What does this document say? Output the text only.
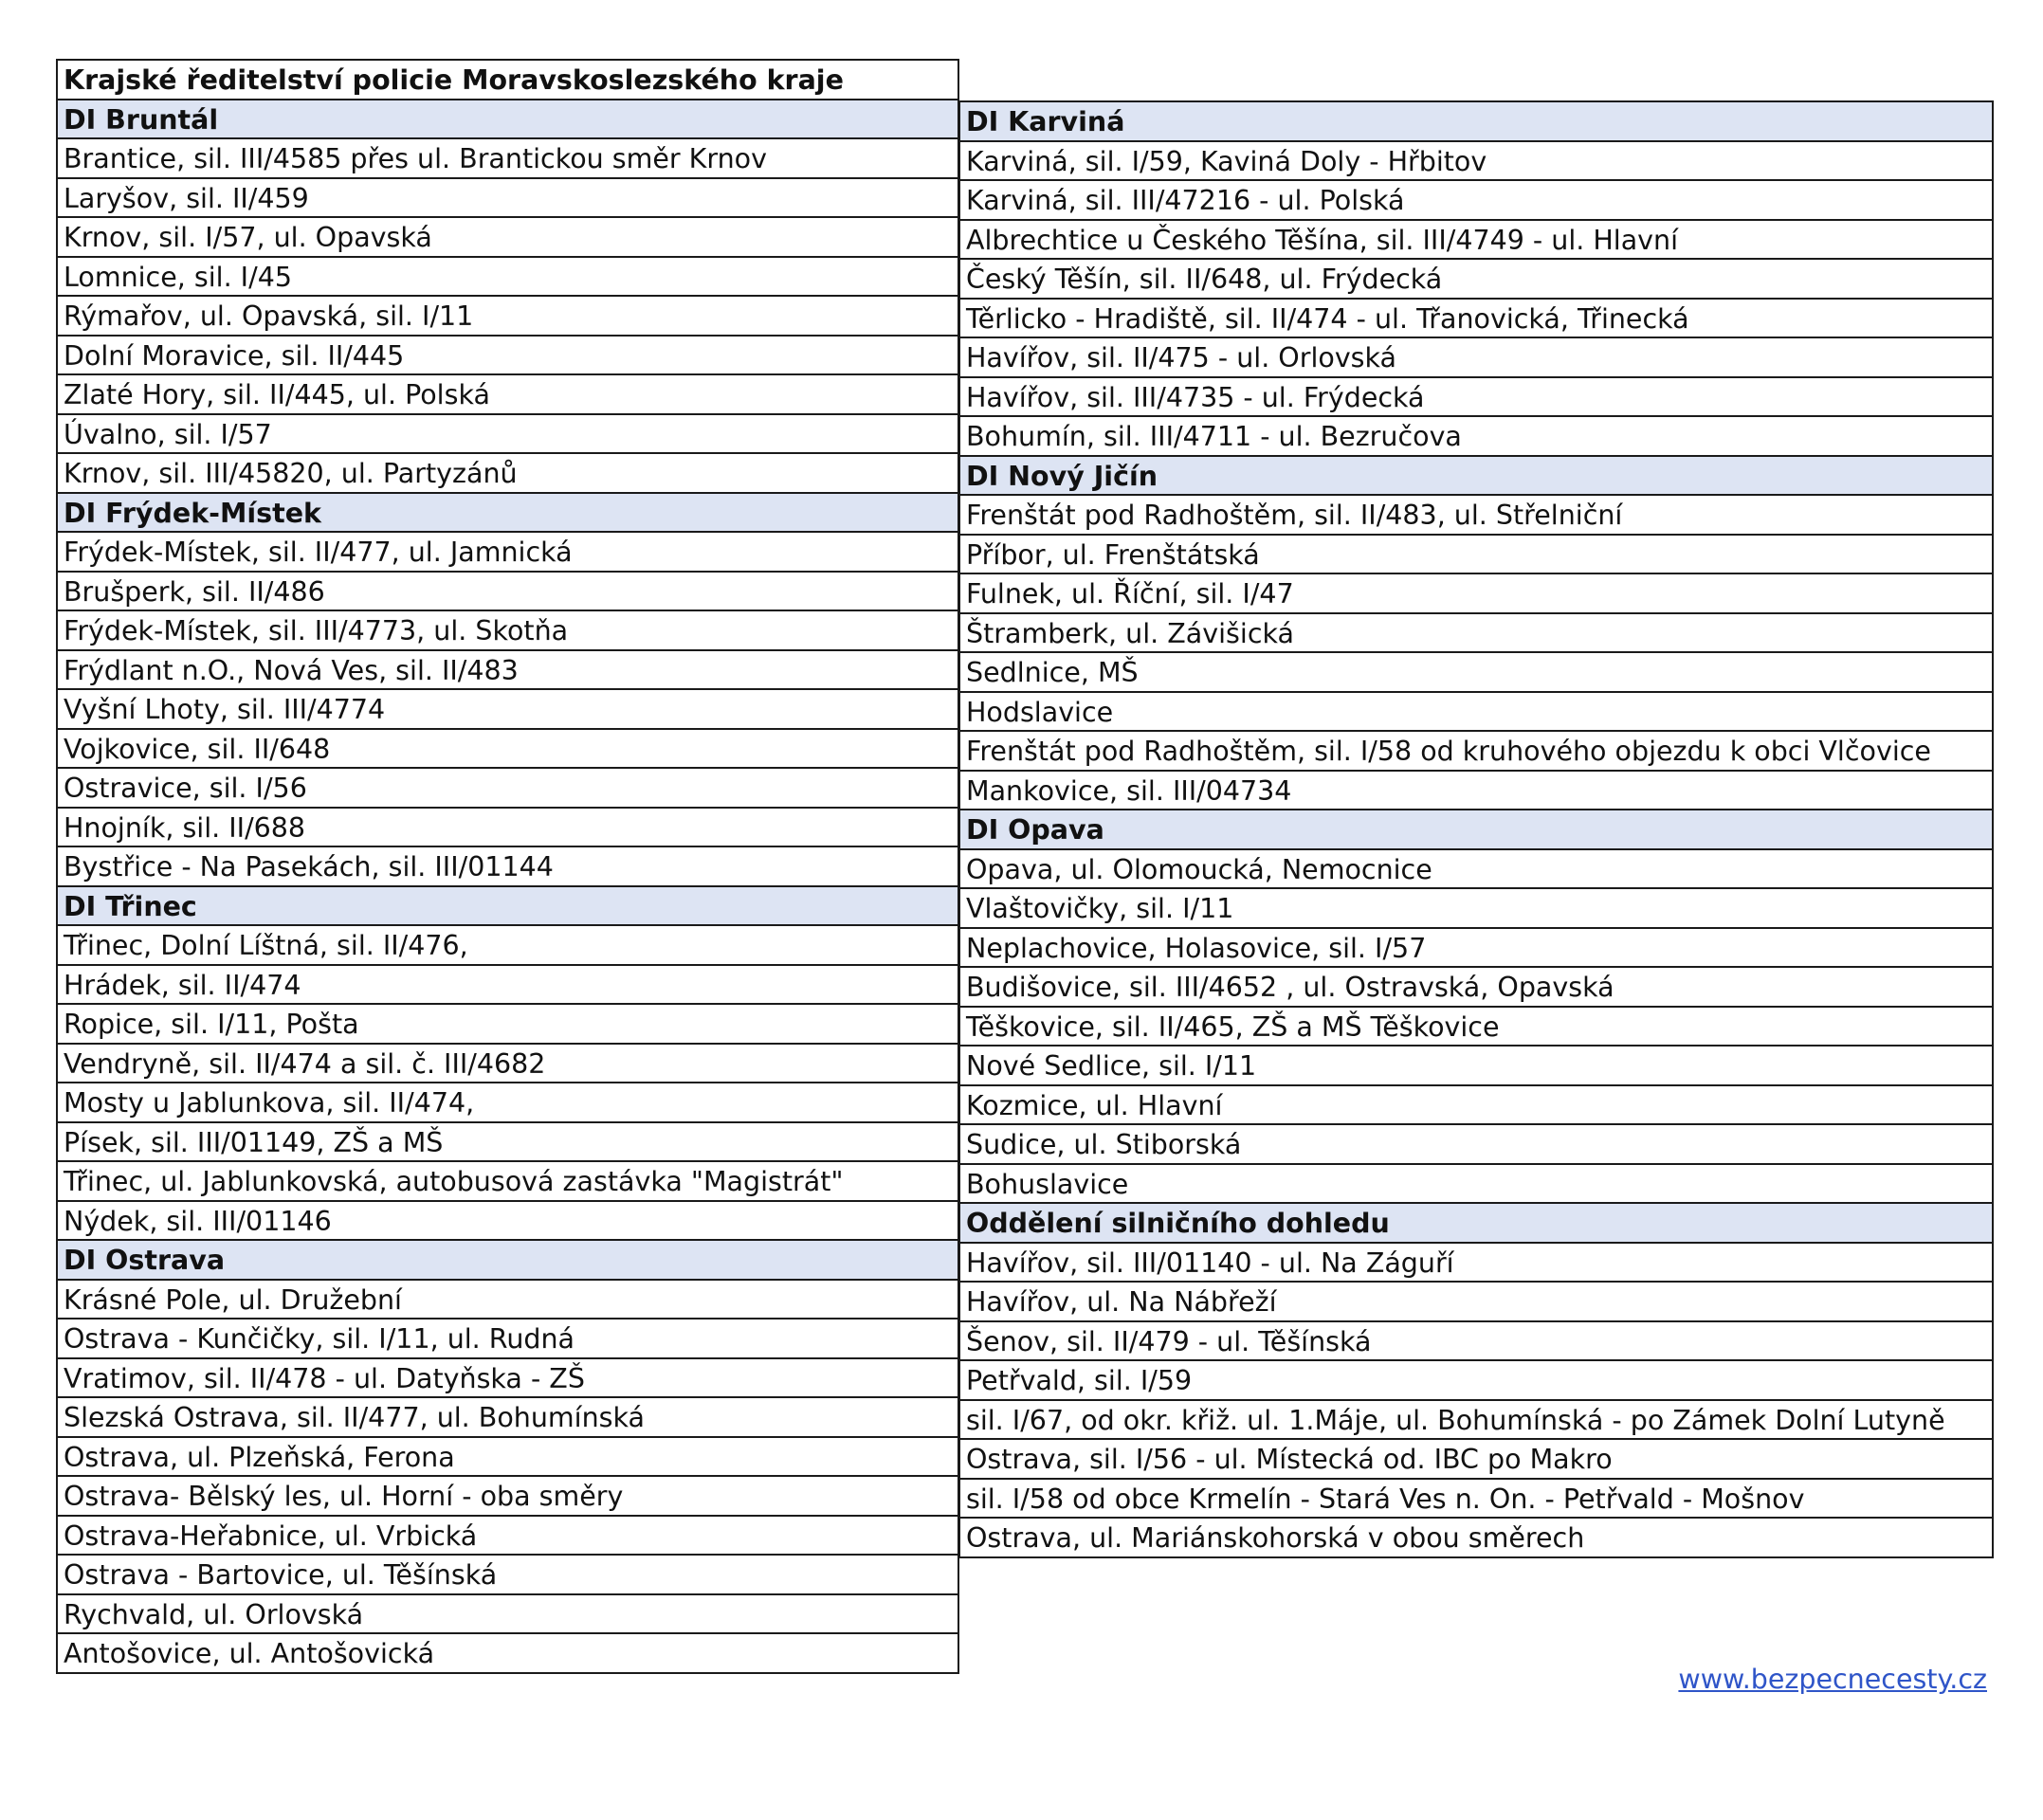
Krajské ředitelství policie Moravskoslezského kraje
DI Bruntál
Brantice, sil. III/4585 přes ul. Brantickou směr Krnov
Laryšov, sil. II/459
Krnov, sil. I/57, ul. Opavská
Lomnice, sil. I/45
Rýmařov, ul. Opavská, sil. I/11
Dolní Moravice, sil. II/445
Zlaté Hory, sil. II/445, ul. Polská
Úvalno, sil. I/57
Krnov, sil. III/45820, ul. Partyzánů
DI Frýdek-Místek
Frýdek-Místek, sil. II/477, ul. Jamnická
Brušperk, sil. II/486
Frýdek-Místek, sil. III/4773, ul. Skotňa
Frýdlant n.O., Nová Ves, sil. II/483
Vyšní Lhoty, sil. III/4774
Vojkovice, sil. II/648
Ostravice, sil. I/56
Hnojník, sil. II/688
Bystřice - Na Pasekách, sil. III/01144
DI Třinec
Třinec, Dolní Líštná, sil. II/476,
Hrádek, sil. II/474
Ropice, sil. I/11, Pošta
Vendryně, sil. II/474 a sil. č. III/4682
Mosty u Jablunkova, sil. II/474,
Písek, sil. III/01149, ZŠ a MŠ
Třinec, ul. Jablunkovská, autobusová zastávka "Magistrát"
Nýdek, sil. III/01146
DI Ostrava
Krásné Pole, ul. Družební
Ostrava - Kunčičky, sil. I/11, ul. Rudná
Vratimov, sil. II/478 - ul. Datyňska - ZŠ
Slezská Ostrava, sil. II/477, ul. Bohumínská
Ostrava, ul. Plzeňská, Ferona
Ostrava- Bělský les, ul. Horní - oba směry
Ostrava-Heřabnice, ul. Vrbická
Ostrava - Bartovice, ul. Těšínská
Rychvald, ul. Orlovská
Antošovice, ul. Antošovická
DI Karviná
Karviná, sil. I/59, Kaviná Doly - Hřbitov
Karviná, sil. III/47216 - ul. Polská
Albrechtice u Českého Těšína, sil. III/4749 - ul. Hlavní
Český Těšín, sil. II/648, ul. Frýdecká
Těrlicko - Hradiště, sil. II/474 - ul. Třanovická, Třinecká
Havířov, sil. II/475 - ul. Orlovská
Havířov, sil. III/4735 - ul. Frýdecká
Bohumín, sil. III/4711 - ul. Bezručova
DI Nový Jičín
Frenštát pod Radhoštěm, sil. II/483, ul. Střelniční
Příbor, ul. Frenštátská
Fulnek, ul. Říční, sil. I/47
Štramberk, ul. Závišická
Sedlnice, MŠ
Hodslavice
Frenštát pod Radhoštěm, sil. I/58 od kruhového objezdu k obci Vlčovice
Mankovice, sil. III/04734
DI Opava
Opava, ul. Olomoucká, Nemocnice
Vlaštovičky, sil. I/11
Neplachovice, Holasovice, sil. I/57
Budišovice, sil. III/4652 , ul. Ostravská, Opavská
Těškovice, sil. II/465, ZŠ a MŠ Těškovice
Nové Sedlice, sil. I/11
Kozmice, ul. Hlavní
Sudice, ul. Stiborská
Bohuslavice
Oddělení silničního dohledu
Havířov, sil. III/01140 - ul. Na Záguří
Havířov, ul. Na Nábřeží
Šenov, sil. II/479 - ul. Těšínská
Petřvald, sil. I/59
sil. I/67, od okr. křiž. ul. 1.Máje, ul. Bohumínská - po Zámek Dolní Lutyně
Ostrava, sil. I/56 - ul. Místecká od. IBC po Makro
sil. I/58 od obce Krmelín - Stará Ves n. On. - Petřvald - Mošnov
Ostrava, ul. Mariánskohorská v obou směrech
www.bezpecnecesty.cz
